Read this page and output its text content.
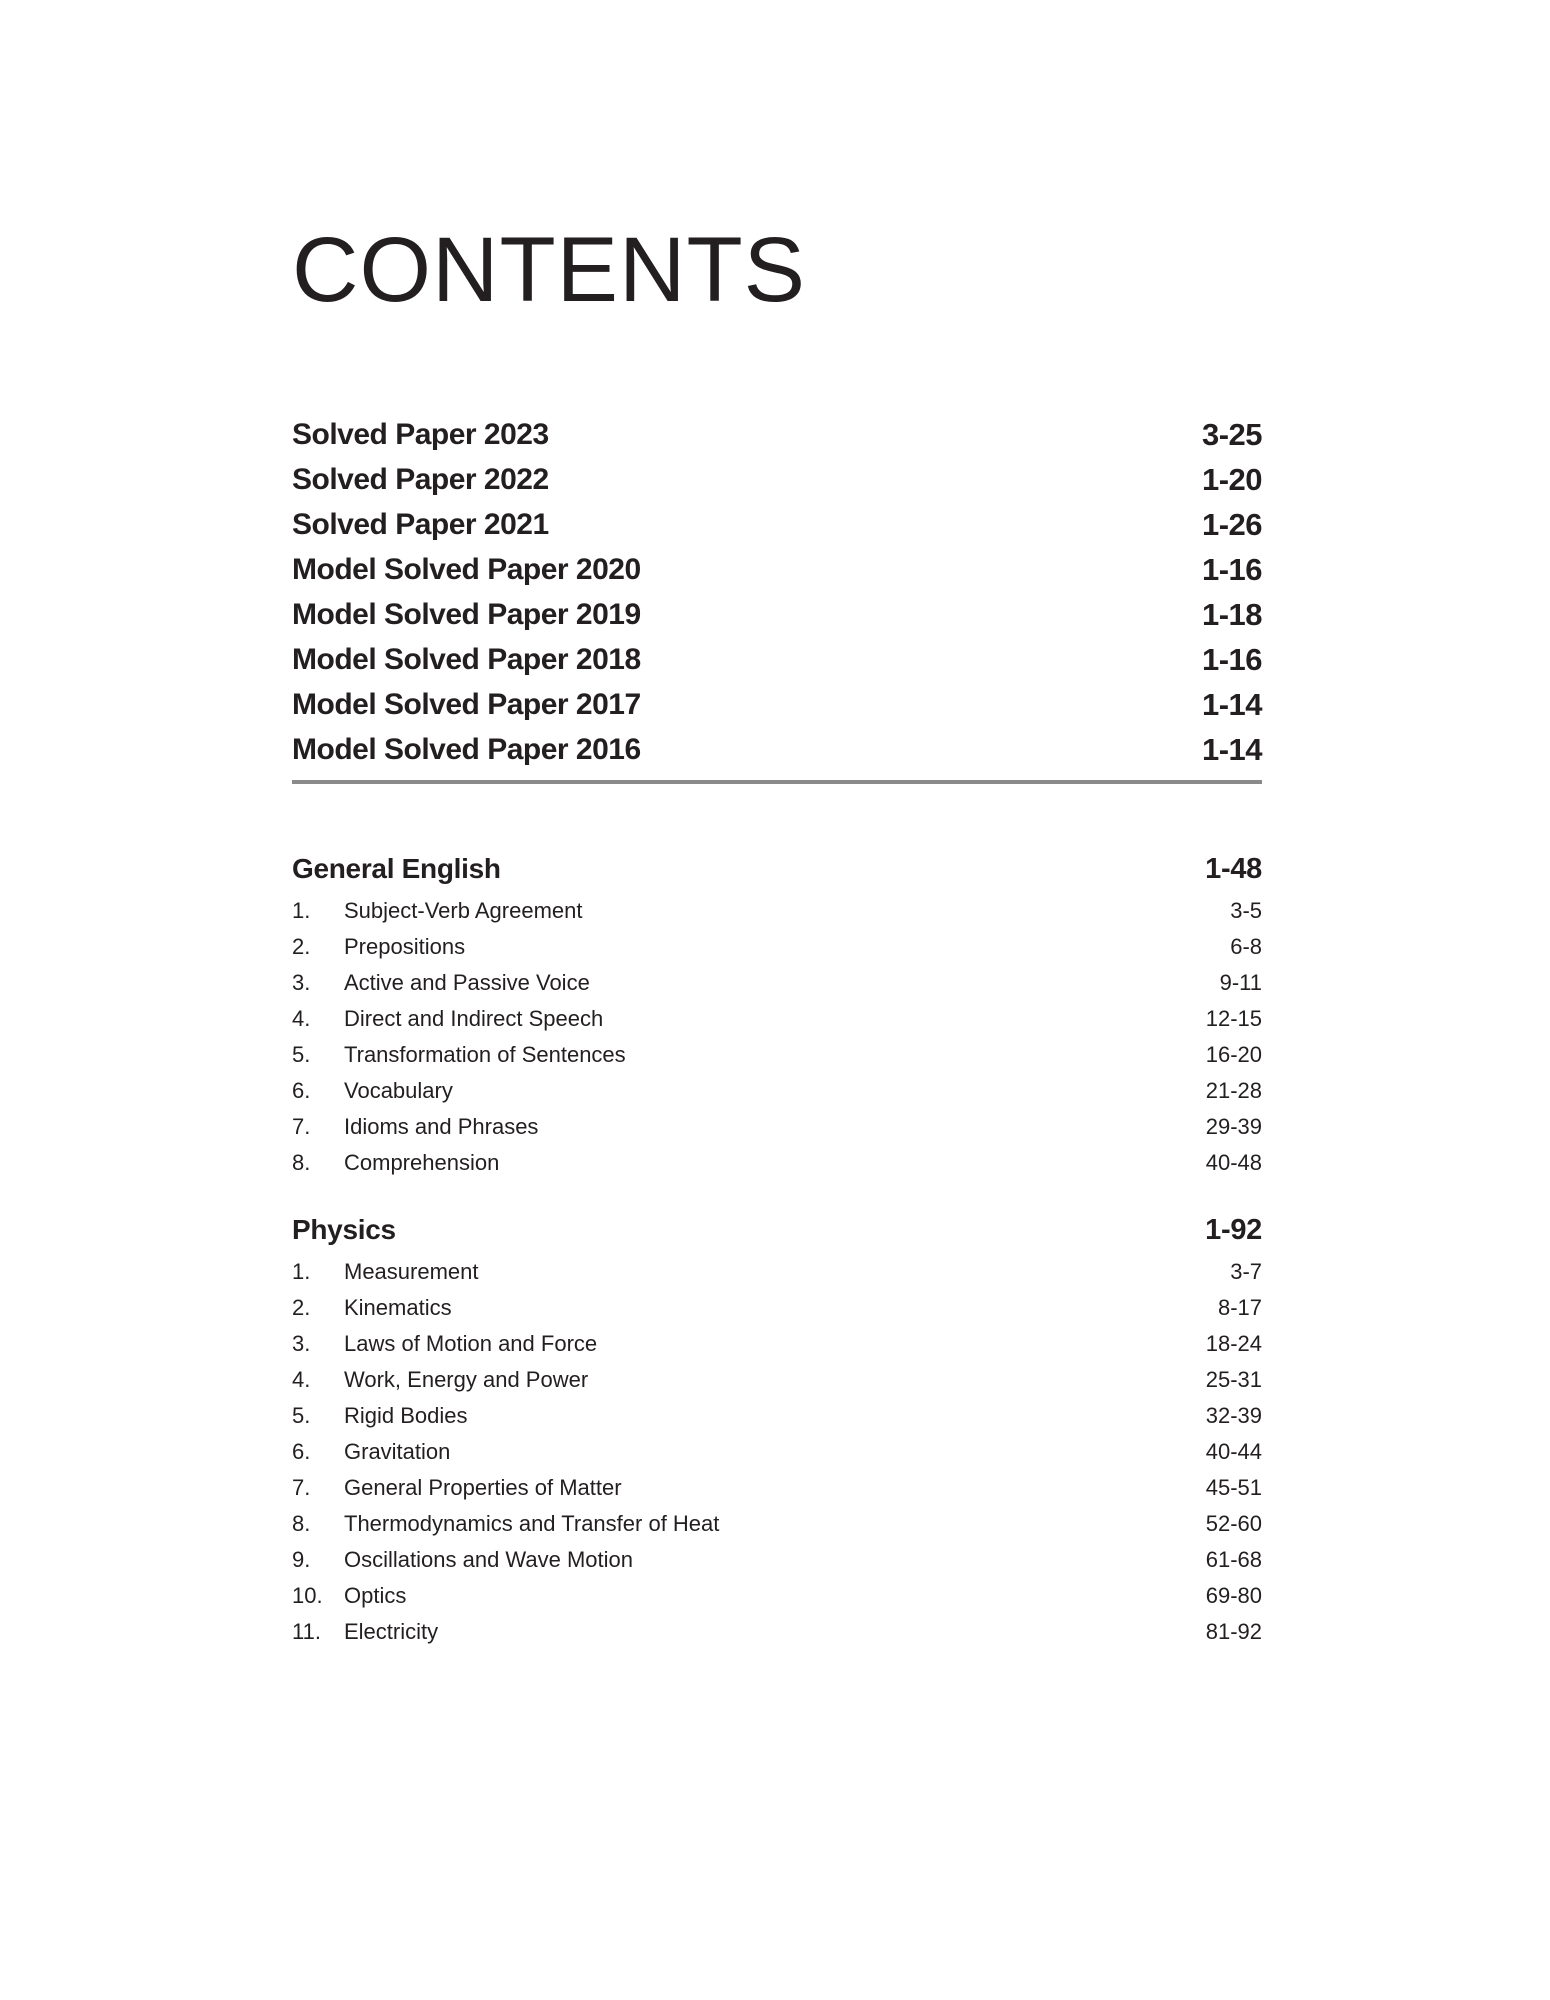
CONTENTS
Solved Paper 2023	3-25
Solved Paper 2022	1-20
Solved Paper 2021	1-26
Model Solved Paper 2020	1-16
Model Solved Paper 2019	1-18
Model Solved Paper 2018	1-16
Model Solved Paper 2017	1-14
Model Solved Paper 2016	1-14
General English	1-48
1.	Subject-Verb Agreement	3-5
2.	Prepositions	6-8
3.	Active and Passive Voice	9-11
4.	Direct and Indirect Speech	12-15
5.	Transformation of Sentences	16-20
6.	Vocabulary	21-28
7.	Idioms and Phrases	29-39
8.	Comprehension	40-48
Physics	1-92
1.	Measurement	3-7
2.	Kinematics	8-17
3.	Laws of Motion and Force	18-24
4.	Work, Energy and Power	25-31
5.	Rigid Bodies	32-39
6.	Gravitation	40-44
7.	General Properties of Matter	45-51
8.	Thermodynamics and Transfer of Heat	52-60
9.	Oscillations and Wave Motion	61-68
10. Optics	69-80
11.	Electricity	81-92
